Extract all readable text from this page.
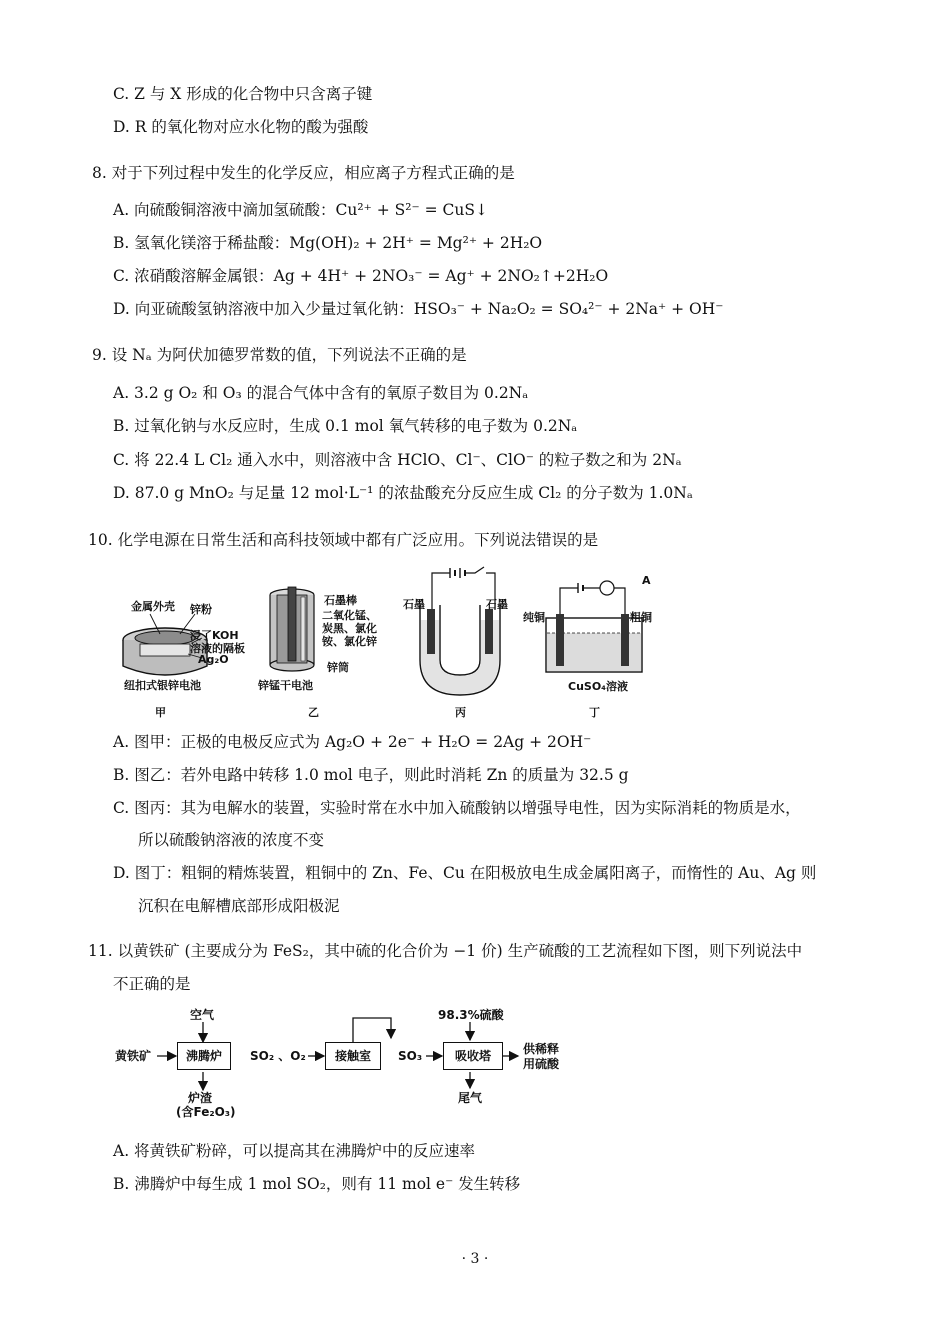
C. Z 与 X 形成的化合物中只含离子键
D. R 的氧化物对应水化物的酸为强酸
8. 对于下列过程中发生的化学反应，相应离子方程式正确的是
A. 向硫酸铜溶液中滴加氢硫酸：Cu²⁺ + S²⁻ = CuS↓
B. 氢氧化镁溶于稀盐酸：Mg(OH)₂ + 2H⁺ = Mg²⁺ + 2H₂O
C. 浓硝酸溶解金属银：Ag + 4H⁺ + 2NO₃⁻ = Ag⁺ + 2NO₂↑+2H₂O
D. 向亚硫酸氢钠溶液中加入少量过氧化钠：HSO₃⁻ + Na₂O₂ = SO₄²⁻ + 2Na⁺ + OH⁻
9. 设 Nₐ 为阿伏加德罗常数的值，下列说法不正确的是
A. 3.2 g O₂ 和 O₃ 的混合气体中含有的氧原子数目为 0.2Nₐ
B. 过氧化钠与水反应时，生成 0.1 mol 氧气转移的电子数为 0.2Nₐ
C. 将 22.4 L Cl₂ 通入水中，则溶液中含 HClO、Cl⁻、ClO⁻ 的粒子数之和为 2Nₐ
D. 87.0 g MnO₂ 与足量 12 mol·L⁻¹ 的浓盐酸充分反应生成 Cl₂ 的分子数为 1.0Nₐ
10. 化学电源在日常生活和高科技领域中都有广泛应用。下列说法错误的是
金属外壳 锌粉
浸了KOH
溶液的隔板
Ag₂O
纽扣式银锌电池
甲
石墨棒
二氧化锰、
炭黑、氯化
铵、氯化锌
锌筒
锌锰干电池
乙
石墨	石墨
丙
A
纯铜	粗铜
CuSO₄溶液
丁
A. 图甲：正极的电极反应式为 Ag₂O + 2e⁻ + H₂O = 2Ag + 2OH⁻
B. 图乙：若外电路中转移 1.0 mol 电子，则此时消耗 Zn 的质量为 32.5 g
C. 图丙：其为电解水的装置，实验时常在水中加入硫酸钠以增强导电性，因为实际消耗的物质是水，
所以硫酸钠溶液的浓度不变
D. 图丁：粗铜的精炼装置，粗铜中的 Zn、Fe、Cu 在阳极放电生成金属阳离子，而惰性的 Au、Ag 则
沉积在电解槽底部形成阳极泥
11. 以黄铁矿 (主要成分为 FeS₂，其中硫的化合价为 −1 价) 生产硫酸的工艺流程如下图，则下列说法中
不正确的是
空气
黄铁矿	沸腾炉	SO₂ 、O₂	接触室	SO₃	吸收塔
98.3%硫酸
供稀释
用硫酸
炉渣
(含Fe₂O₃)
尾气
A. 将黄铁矿粉碎，可以提高其在沸腾炉中的反应速率
B. 沸腾炉中每生成 1 mol SO₂，则有 11 mol e⁻ 发生转移
· 3 ·
